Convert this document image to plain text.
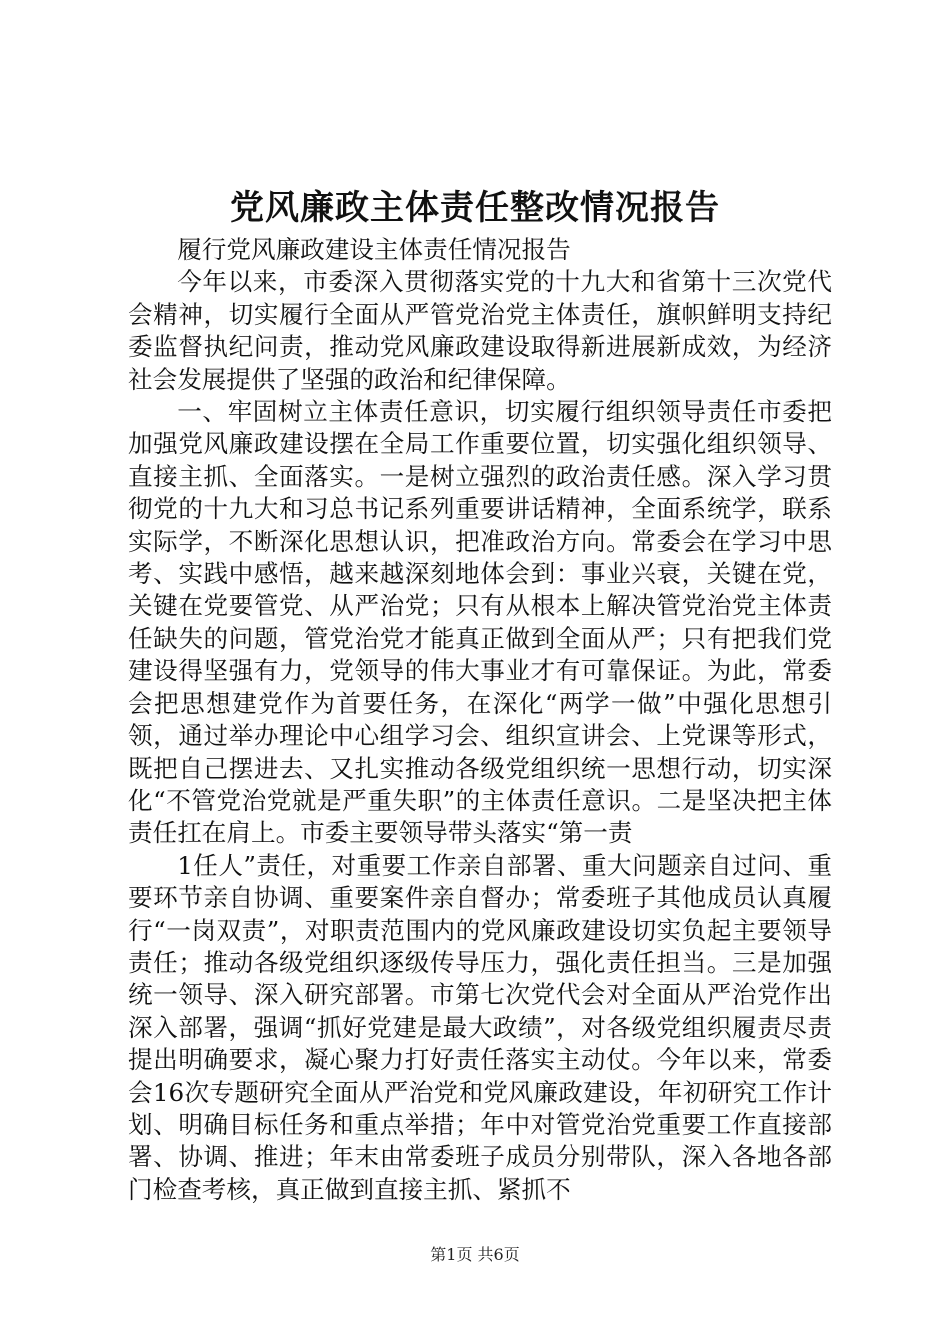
党风廉政主体责任整改情况报告

履行党风廉政建设主体责任情况报告

今年以来，市委深入贯彻落实党的十九大和省第十三次党代会精神，切实履行全面从严管党治党主体责任，旗帜鲜明支持纪委监督执纪问责，推动党风廉政建设取得新进展新成效，为经济社会发展提供了坚强的政治和纪律保障。

一、牢固树立主体责任意识，切实履行组织领导责任市委把加强党风廉政建设摆在全局工作重要位置，切实强化组织领导、直接主抓、全面落实。一是树立强烈的政治责任感。深入学习贯彻党的十九大和习总书记系列重要讲话精神，全面系统学，联系实际学，不断深化思想认识，把准政治方向。常委会在学习中思考、实践中感悟，越来越深刻地体会到：事业兴衰，关键在党，关键在党要管党、从严治党；只有从根本上解决管党治党主体责任缺失的问题，管党治党才能真正做到全面从严；只有把我们党建设得坚强有力，党领导的伟大事业才有可靠保证。为此，常委会把思想建党作为首要任务，在深化“两学一做”中强化思想引领，通过举办理论中心组学习会、组织宣讲会、上党课等形式，既把自己摆进去、又扎实推动各级党组织统一思想行动，切实深化“不管党治党就是严重失职”的主体责任意识。二是坚决把主体责任扛在肩上。市委主要领导带头落实“第一责

1任人”责任，对重要工作亲自部署、重大问题亲自过问、重要环节亲自协调、重要案件亲自督办；常委班子其他成员认真履行“一岗双责”，对职责范围内的党风廉政建设切实负起主要领导责任；推动各级党组织逐级传导压力，强化责任担当。三是加强统一领导、深入研究部署。市第七次党代会对全面从严治党作出深入部署，强调“抓好党建是最大政绩”，对各级党组织履责尽责提出明确要求，凝心聚力打好责任落实主动仗。今年以来，常委会16次专题研究全面从严治党和党风廉政建设，年初研究工作计划、明确目标任务和重点举措；年中对管党治党重要工作直接部署、协调、推进；年末由常委班子成员分别带队，深入各地各部门检查考核，真正做到直接主抓、紧抓不

第1页 共6页
